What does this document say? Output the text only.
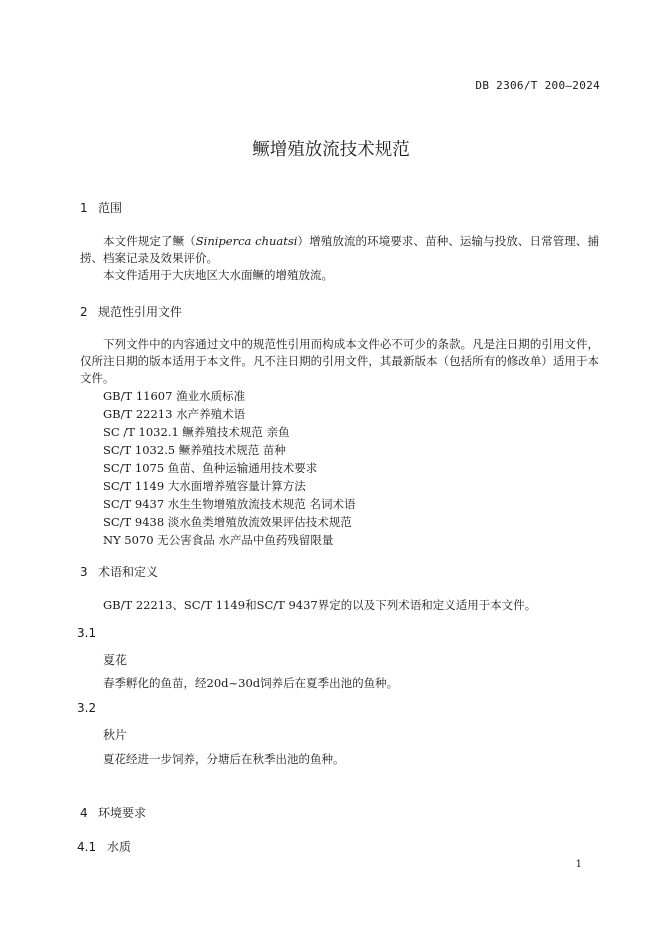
DB 2306/T 200—2024
鳜增殖放流技术规范
1 范围
本文件规定了鳜（Siniperca chuatsi）增殖放流的环境要求、苗种、运输与投放、日常管理、捕捞、档案记录及效果评价。
本文件适用于大庆地区大水面鳜的增殖放流。
2 规范性引用文件
下列文件中的内容通过文中的规范性引用而构成本文件必不可少的条款。凡是注日期的引用文件，仅所注日期的版本适用于本文件。凡不注日期的引用文件，其最新版本（包括所有的修改单）适用于本文件。
GB/T 11607 渔业水质标准
GB/T 22213 水产养殖术语
SC /T 1032.1 鳜养殖技术规范 亲鱼
SC/T 1032.5 鳜养殖技术规范 苗种
SC/T 1075 鱼苗、鱼种运输通用技术要求
SC/T 1149 大水面增养殖容量计算方法
SC/T 9437 水生生物增殖放流技术规范 名词术语
SC/T 9438 淡水鱼类增殖放流效果评估技术规范
NY 5070 无公害食品 水产品中鱼药残留限量
3 术语和定义
GB/T 22213、SC/T 1149和SC/T 9437界定的以及下列术语和定义适用于本文件。
3.1
夏花
春季孵化的鱼苗，经20d~30d饲养后在夏季出池的鱼种。
3.2
秋片
夏花经进一步饲养，分塘后在秋季出池的鱼种。
4 环境要求
4.1 水质
1
